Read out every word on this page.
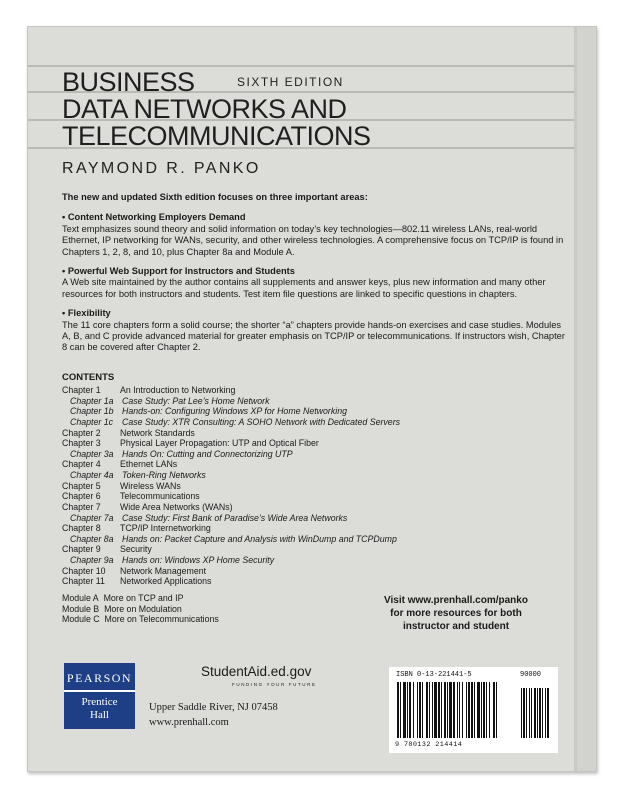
BUSINESS	SIXTH EDITION
DATA NETWORKS AND
TELECOMMUNICATIONS
RAYMOND R. PANKO
The new and updated Sixth edition focuses on three important areas:
• Content Networking Employers Demand
Text emphasizes sound theory and solid information on today’s key technologies—802.11 wireless LANs, real-world Ethernet, IP networking for WANs, security, and other wireless technologies. A comprehensive focus on TCP/IP is found in Chapters 1, 2, 8, and 10, plus Chapter 8a and Module A.
• Powerful Web Support for Instructors and Students
A Web site maintained by the author contains all supplements and answer keys, plus new information and many other resources for both instructors and students. Test item file questions are linked to specific questions in chapters.
• Flexibility
The 11 core chapters form a solid course; the shorter “a” chapters provide hands-on exercises and case studies. Modules A, B, and C provide advanced material for greater emphasis on TCP/IP or telecommunications. If instructors wish, Chapter 8 can be covered after Chapter 2.
CONTENTS
Chapter 1 An Introduction to Networking
Chapter 1a Case Study: Pat Lee’s Home Network
Chapter 1b Hands-on: Configuring Windows XP for Home Networking
Chapter 1c Case Study: XTR Consulting: A SOHO Network with Dedicated Servers
Chapter 2 Network Standards
Chapter 3 Physical Layer Propagation: UTP and Optical Fiber
Chapter 3a Hands On: Cutting and Connectorizing UTP
Chapter 4 Ethernet LANs
Chapter 4a Token-Ring Networks
Chapter 5 Wireless WANs
Chapter 6 Telecommunications
Chapter 7 Wide Area Networks (WANs)
Chapter 7a Case Study: First Bank of Paradise’s Wide Area Networks
Chapter 8 TCP/IP Internetworking
Chapter 8a Hands on: Packet Capture and Analysis with WinDump and TCPDump
Chapter 9 Security
Chapter 9a Hands on: Windows XP Home Security
Chapter 10 Network Management
Chapter 11 Networked Applications
Module A More on TCP and IP
Module B More on Modulation
Module C More on Telecommunications
Visit www.prenhall.com/panko
for more resources for both
instructor and student
PEARSON
Prentice
Hall
Upper Saddle River, NJ 07458
www.prenhall.com
StudentAid.ed.gov
FUNDING YOUR FUTURE
ISBN 0-13-221441-5	90000
9 780132 214414
